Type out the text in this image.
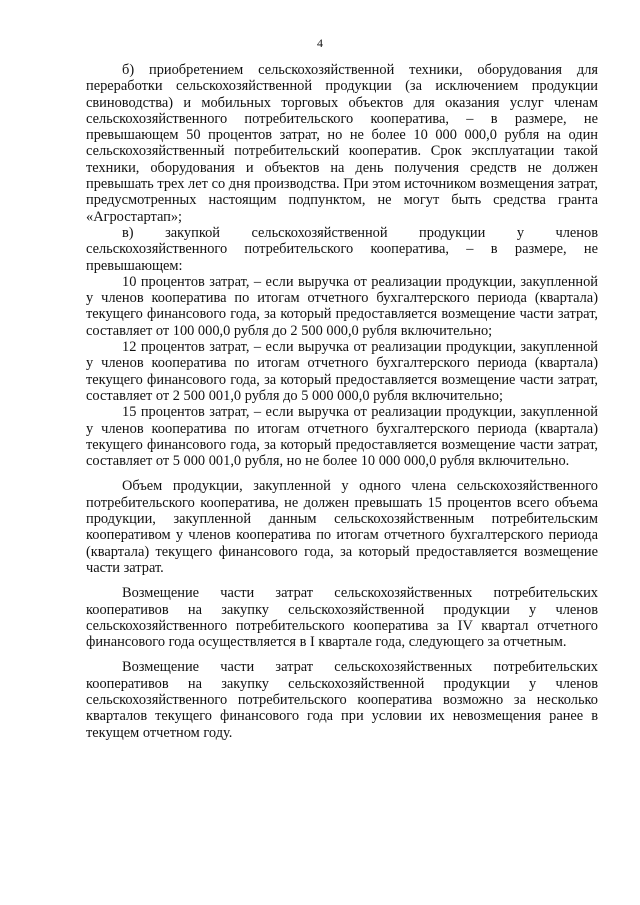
4

б) приобретением сельскохозяйственной техники, оборудования для переработки сельскохозяйственной продукции (за исключением продукции свиноводства) и мобильных торговых объектов для оказания услуг членам сельскохозяйственного потребительского кооператива, – в размере, не превышающем 50 процентов затрат, но не более 10 000 000,0 рубля на один сельскохозяйственный потребительский кооператив. Срок эксплуатации такой техники, оборудования и объектов на день получения средств не должен превышать трех лет со дня производства. При этом источником возмещения затрат, предусмотренных настоящим подпунктом, не могут быть средства гранта «Агростартап»;

в) закупкой сельскохозяйственной продукции у членов сельскохозяйственного потребительского кооператива, – в размере, не превышающем:

10 процентов затрат, – если выручка от реализации продукции, закупленной у членов кооператива по итогам отчетного бухгалтерского периода (квартала) текущего финансового года, за который предоставляется возмещение части затрат, составляет от 100 000,0 рубля до 2 500 000,0 рубля включительно;

12 процентов затрат, – если выручка от реализации продукции, закупленной у членов кооператива по итогам отчетного бухгалтерского периода (квартала) текущего финансового года, за который предоставляется возмещение части затрат, составляет от 2 500 001,0 рубля до 5 000 000,0 рубля включительно;

15 процентов затрат, – если выручка от реализации продукции, закупленной у членов кооператива по итогам отчетного бухгалтерского периода (квартала) текущего финансового года, за который предоставляется возмещение части затрат, составляет от 5 000 001,0 рубля, но не более 10 000 000,0 рубля включительно.

Объем продукции, закупленной у одного члена сельскохозяйственного потребительского кооператива, не должен превышать 15 процентов всего объема продукции, закупленной данным сельскохозяйственным потребительским кооперативом у членов кооператива по итогам отчетного бухгалтерского периода (квартала) текущего финансового года, за который предоставляется возмещение части затрат.

Возмещение части затрат сельскохозяйственных потребительских кооперативов на закупку сельскохозяйственной продукции у членов сельскохозяйственного потребительского кооператива за IV квартал отчетного финансового года осуществляется в I квартале года, следующего за отчетным.

Возмещение части затрат сельскохозяйственных потребительских кооперативов на закупку сельскохозяйственной продукции у членов сельскохозяйственного потребительского кооператива возможно за несколько кварталов текущего финансового года при условии их невозмещения ранее в текущем отчетном году.
